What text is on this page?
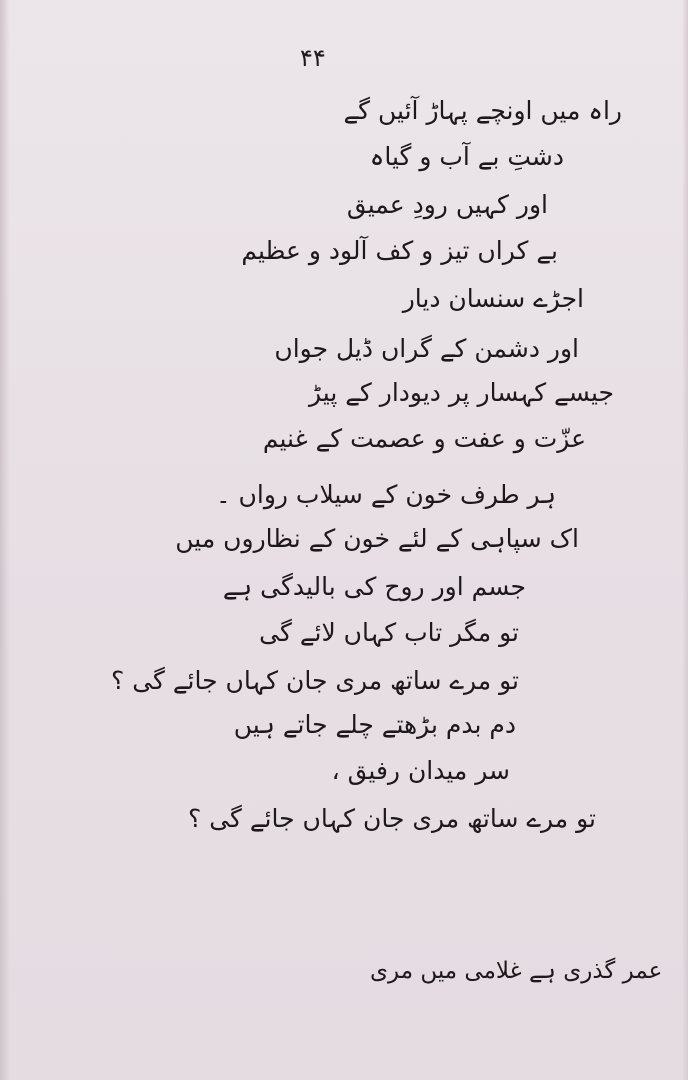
۴۴
راہ میں اونچے پہاڑ آئیں گے
دشتِ بے آب و گیاہ
اور کہیں رودِ عمیق
بے کراں تیز و کف آلود و عظیم
اجڑے سنسان دیار
اور دشمن کے گراں ڈیل جواں
جیسے کہسار پر دیودار کے پیڑ
عزّت و عفت و عصمت کے غنیم
ہر طرف خون کے سیلاب رواں ۔
اک سپاہی کے لئے خون کے نظاروں میں
جسم اور روح کی بالیدگی ہے
تو مگر تاب کہاں لائے گی
تو مرے ساتھ مری جان کہاں جائے گی ؟
دم بدم بڑھتے چلے جاتے ہیں
سر میدان رفیق ،
تو مرے ساتھ مری جان کہاں جائے گی ؟
عمر گذری ہے غلامی میں مری
